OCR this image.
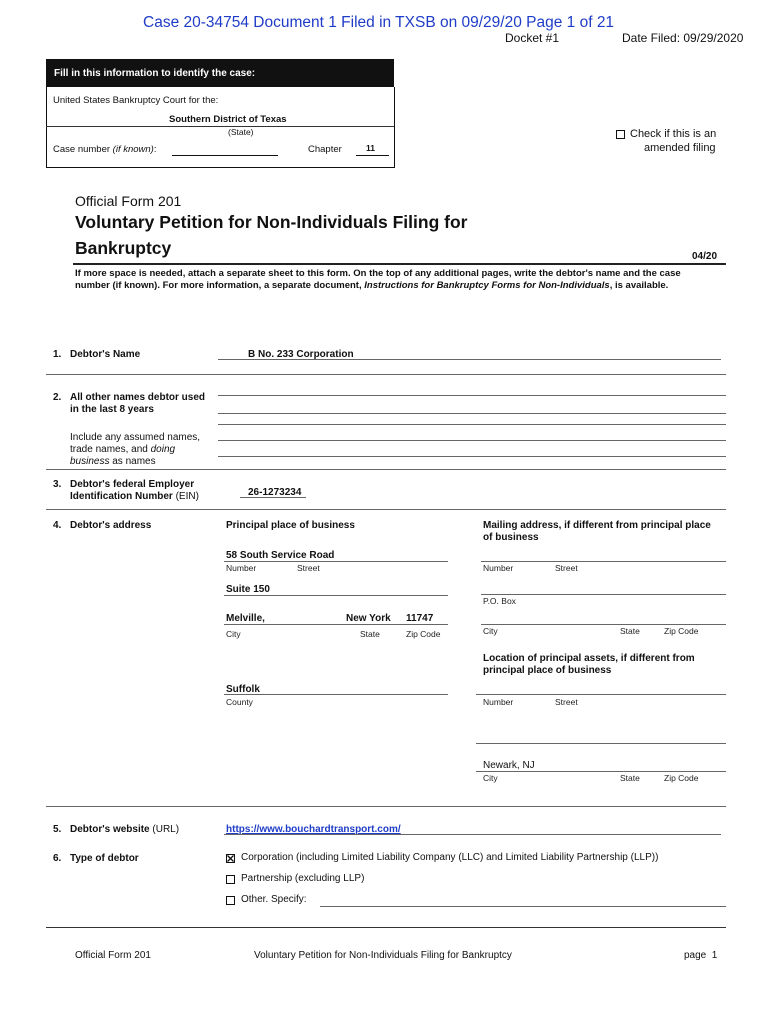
Case 20-34754 Document 1 Filed in TXSB on 09/29/20 Page 1 of 21
Docket #1	Date Filed: 09/29/2020
Fill in this information to identify the case:
United States Bankruptcy Court for the:
Southern District of Texas
(State)
Case number (if known):	Chapter	11
Check if this is an
amended filing
Official Form 201
Voluntary Petition for Non-Individuals Filing for
Bankruptcy	04/20
If more space is needed, attach a separate sheet to this form. On the top of any additional pages, write the debtor's name and the case number (if known). For more information, a separate document, Instructions for Bankruptcy Forms for Non-Individuals, is available.
1. Debtor's Name	B No. 233 Corporation
2. All other names debtor used
in the last 8 years
Include any assumed names,
trade names, and doing
business as names
3. Debtor's federal Employer
Identification Number (EIN)	26-1273234
4. Debtor's address	Principal place of business	Mailing address, if different from principal place
of business
58 South Service Road
Number	Street	Number	Street
Suite 150
P.O. Box
Melville,	New York 11747
City	State	Zip Code	City	State	Zip Code
Location of principal assets, if different from
principal place of business
Suffolk
County	Number	Street
Newark, NJ
City	State	Zip Code
5. Debtor's website (URL)	https://www.bouchardtransport.com/
6. Type of debtor	Corporation (including Limited Liability Company (LLC) and Limited Liability Partnership (LLP))
Partnership (excluding LLP)
Other. Specify:
Official Form 201	Voluntary Petition for Non-Individuals Filing for Bankruptcy	page  1
